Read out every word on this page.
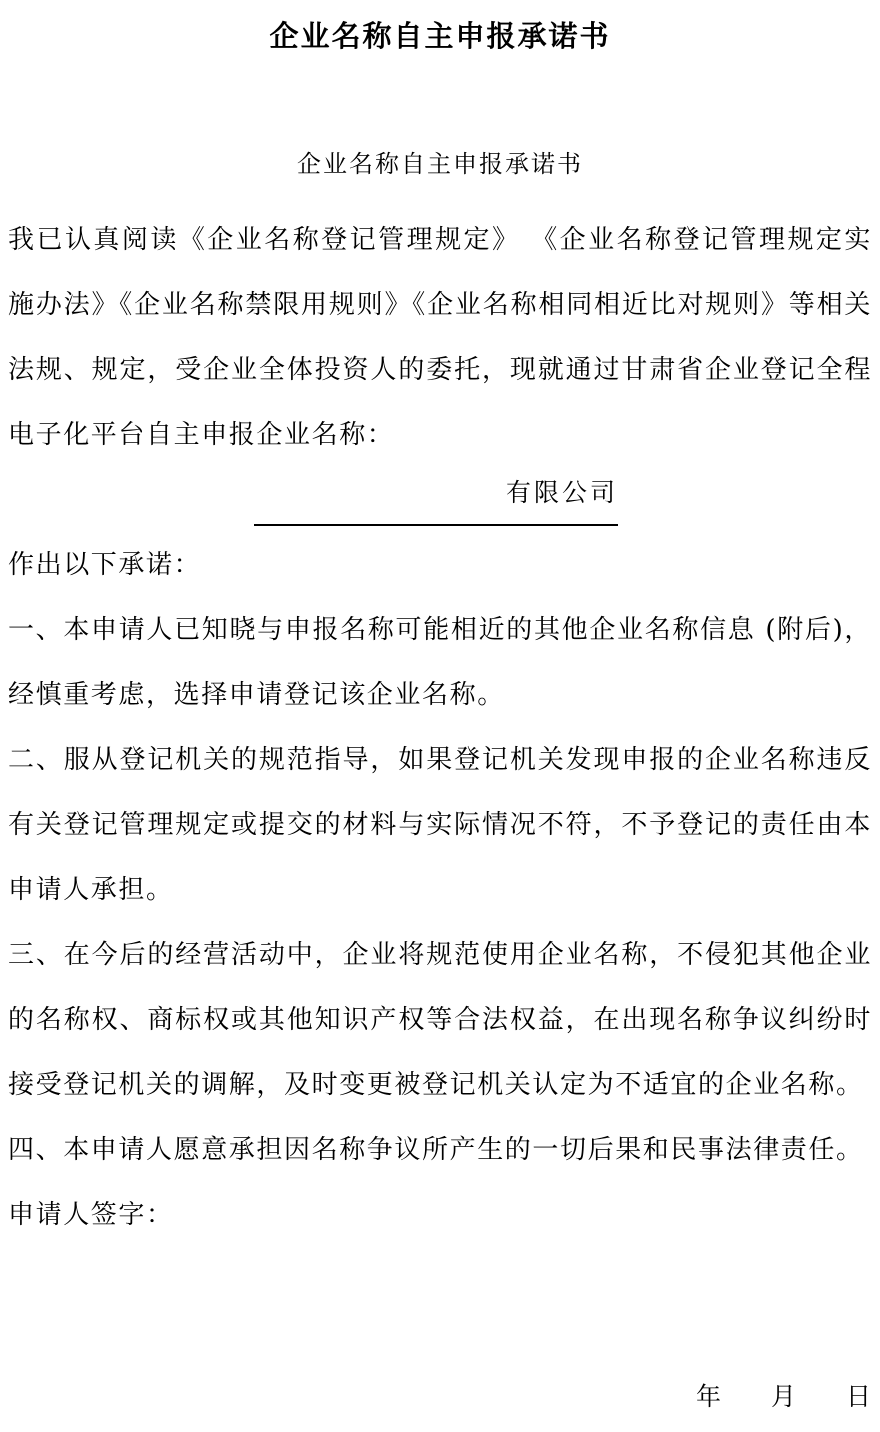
企业名称自主申报承诺书
企业名称自主申报承诺书

我已认真阅读《企业名称登记管理规定》 《企业名称登记管理规定实施办法》《企业名称禁限用规则》《企业名称相同相近比对规则》等相关法规、规定，受企业全体投资人的委托，现就通过甘肃省企业登记全程电子化平台自主申报企业名称：

有限公司

作出以下承诺：

一、本申请人已知晓与申报名称可能相近的其他企业名称信息 (附后)，经慎重考虑，选择申请登记该企业名称。

二、服从登记机关的规范指导，如果登记机关发现申报的企业名称违反有关登记管理规定或提交的材料与实际情况不符，不予登记的责任由本申请人承担。

三、在今后的经营活动中，企业将规范使用企业名称，不侵犯其他企业的名称权、商标权或其他知识产权等合法权益，在出现名称争议纠纷时接受登记机关的调解，及时变更被登记机关认定为不适宜的企业名称。

四、本申请人愿意承担因名称争议所产生的一切后果和民事法律责任。

申请人签字：

年 月 日
